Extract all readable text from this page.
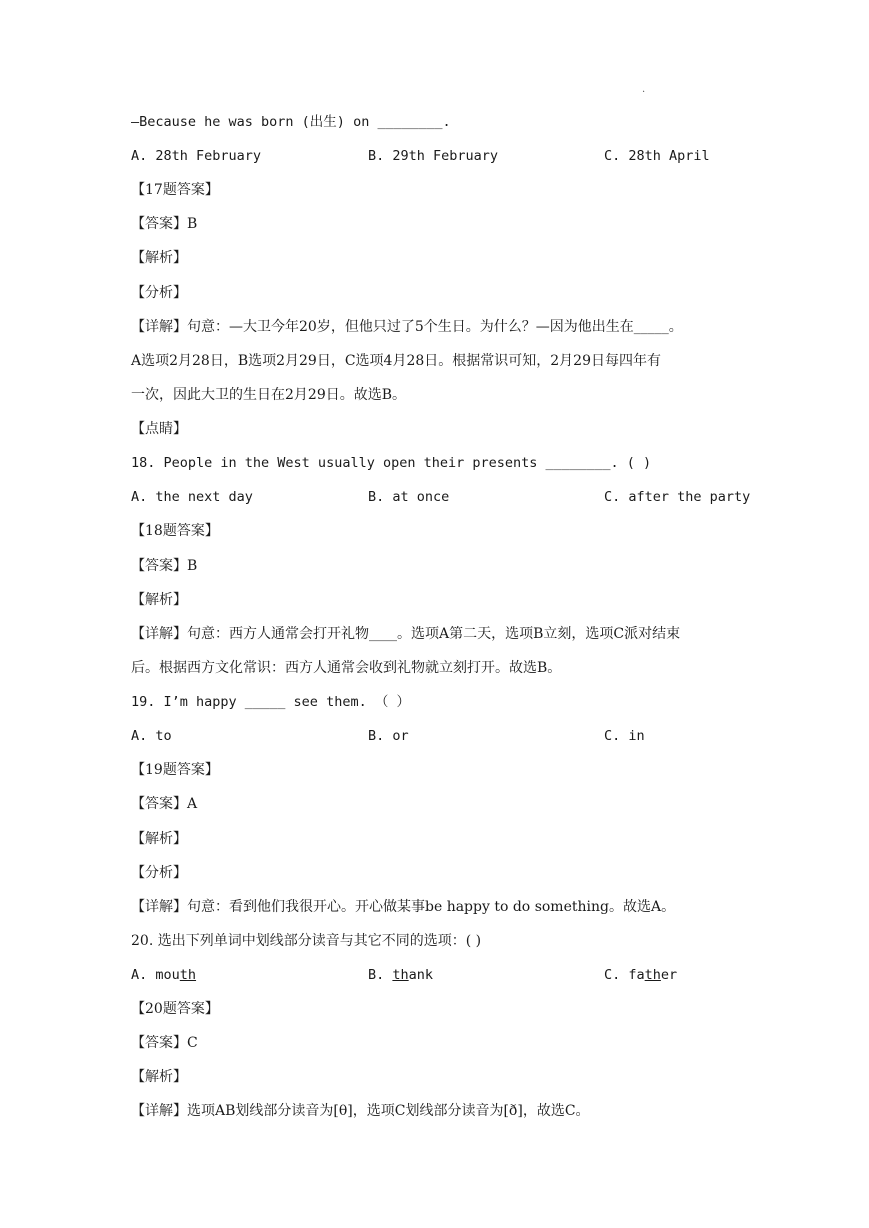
.
—Because he was born (出生) on ________.
A. 28th February	B. 29th February	C. 28th April
【17题答案】
【答案】B
【解析】
【分析】
【详解】句意：—大卫今年20岁，但他只过了5个生日。为什么？—因为他出生在_____。
A选项2月28日，B选项2月29日，C选项4月28日。根据常识可知，2月29日每四年有
一次，因此大卫的生日在2月29日。故选B。
【点睛】
18. People in the West usually open their presents ________. ( )
A. the next day	B. at once	C. after the party
【18题答案】
【答案】B
【解析】
【详解】句意：西方人通常会打开礼物____。选项A第二天，选项B立刻，选项C派对结束
后。根据西方文化常识：西方人通常会收到礼物就立刻打开。故选B。
19. I’m happy _____ see them. （ ）
A. to	B. or	C. in
【19题答案】
【答案】A
【解析】
【分析】
【详解】句意：看到他们我很开心。开心做某事be happy to do something。故选A。
20. 选出下列单词中划线部分读音与其它不同的选项：( )
A. mouth	B. thank	C. father
【20题答案】
【答案】C
【解析】
【详解】选项AB划线部分读音为[θ]，选项C划线部分读音为[ð]，故选C。
